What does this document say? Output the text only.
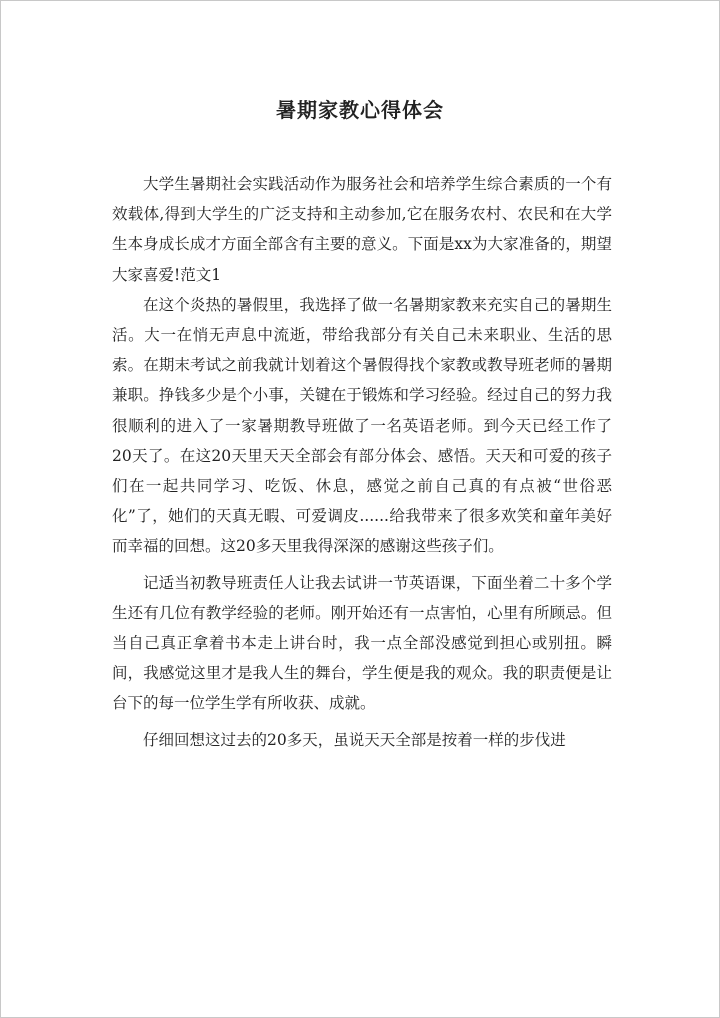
暑期家教心得体会

大学生暑期社会实践活动作为服务社会和培养学生综合素质的一个有效载体,得到大学生的广泛支持和主动参加,它在服务农村、农民和在大学生本身成长成才方面全部含有主要的意义。下面是xx为大家准备的，期望大家喜爱!范文1

在这个炎热的暑假里，我选择了做一名暑期家教来充实自己的暑期生活。大一在悄无声息中流逝，带给我部分有关自己未来职业、生活的思索。在期末考试之前我就计划着这个暑假得找个家教或教导班老师的暑期兼职。挣钱多少是个小事，关键在于锻炼和学习经验。经过自己的努力我很顺利的进入了一家暑期教导班做了一名英语老师。到今天已经工作了20天了。在这20天里天天全部会有部分体会、感悟。天天和可爱的孩子们在一起共同学习、吃饭、休息，感觉之前自己真的有点被“世俗恶化”了，她们的天真无暇、可爱调皮......给我带来了很多欢笑和童年美好而幸福的回想。这20多天里我得深深的感谢这些孩子们。

记适当初教导班责任人让我去试讲一节英语课，下面坐着二十多个学生还有几位有教学经验的老师。刚开始还有一点害怕，心里有所顾忌。但当自己真正拿着书本走上讲台时，我一点全部没感觉到担心或别扭。瞬间，我感觉这里才是我人生的舞台，学生便是我的观众。我的职责便是让台下的每一位学生学有所收获、成就。

仔细回想这过去的20多天，虽说天天全部是按着一样的步伐进
